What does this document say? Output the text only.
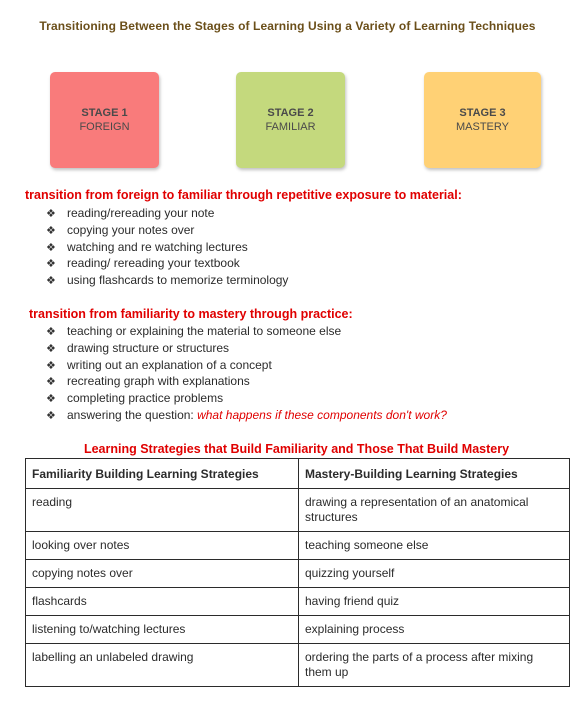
Transitioning Between the Stages of Learning Using a Variety of Learning Techniques
STAGE 1
FOREIGN
STAGE 2
FAMILIAR
STAGE 3
MASTERY
transition from foreign to familiar through repetitive exposure to material:
❖ reading/rereading your note
❖ copying your notes over
❖ watching and re watching lectures
❖ reading/ rereading your textbook
❖ using flashcards to memorize terminology
transition from familiarity to mastery through practice:
❖ teaching or explaining the material to someone else
❖ drawing structure or structures
❖ writing out an explanation of a concept
❖ recreating graph with explanations
❖ completing practice problems
❖ answering the question: what happens if these components don't work?
Learning Strategies that Build Familiarity and Those That Build Mastery
Familiarity Building Learning Strategies	Mastery-Building Learning Strategies
reading	drawing a representation of an anatomical structures
looking over notes	teaching someone else
copying notes over	quizzing yourself
flashcards	having friend quiz
listening to/watching lectures	explaining process
labelling an unlabeled drawing	ordering the parts of a process after mixing them up
